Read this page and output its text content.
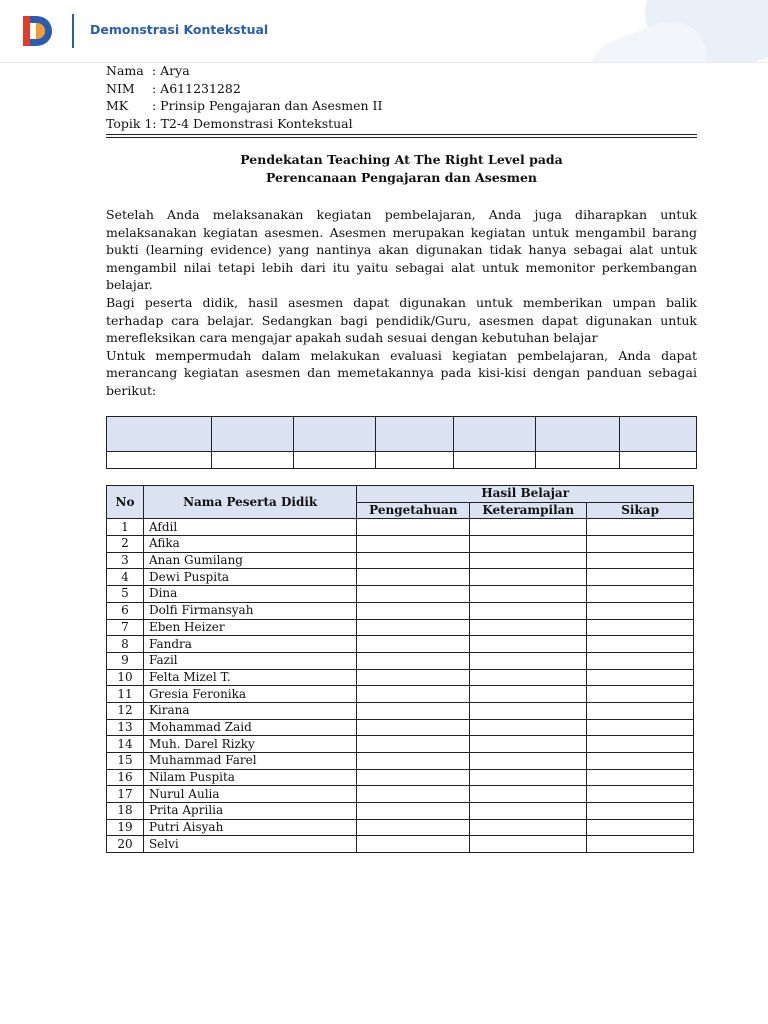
Demonstrasi Kontekstual
Nama : Arya
NIM : A611231282
MK : Prinsip Pengajaran dan Asesmen II
Topik 1: T2-4 Demonstrasi Kontekstual
Pendekatan Teaching At The Right Level pada
Perencanaan Pengajaran dan Asesmen

Setelah Anda melaksanakan kegiatan pembelajaran, Anda juga diharapkan untuk melaksanakan kegiatan asesmen. Asesmen merupakan kegiatan untuk mengambil barang bukti (learning evidence) yang nantinya akan digunakan tidak hanya sebagai alat untuk mengambil nilai tetapi lebih dari itu yaitu sebagai alat untuk memonitor perkembangan belajar.

Bagi peserta didik, hasil asesmen dapat digunakan untuk memberikan umpan balik terhadap cara belajar. Sedangkan bagi pendidik/Guru, asesmen dapat digunakan untuk merefleksikan cara mengajar apakah sudah sesuai dengan kebutuhan belajar

Untuk mempermudah dalam melakukan evaluasi kegiatan pembelajaran, Anda dapat merancang kegiatan asesmen dan memetakannya pada kisi-kisi dengan panduan sebagai berikut:

No	Nama Peserta Didik	Hasil Belajar		
		Pengetahuan	Keterampilan	Sikap
1	Afdil			
2	Afika			
3	Anan Gumilang			
4	Dewi Puspita			
5	Dina			
6	Dolfi Firmansyah			
7	Eben Heizer			
8	Fandra			
9	Fazil			
10	Felta Mizel T.			
11	Gresia Feronika			
12	Kirana			
13	Mohammad Zaid			
14	Muh. Darel Rizky			
15	Muhammad Farel			
16	Nilam Puspita			
17	Nurul Aulia			
18	Prita Aprilia			
19	Putri Aisyah			
20	Selvi			
